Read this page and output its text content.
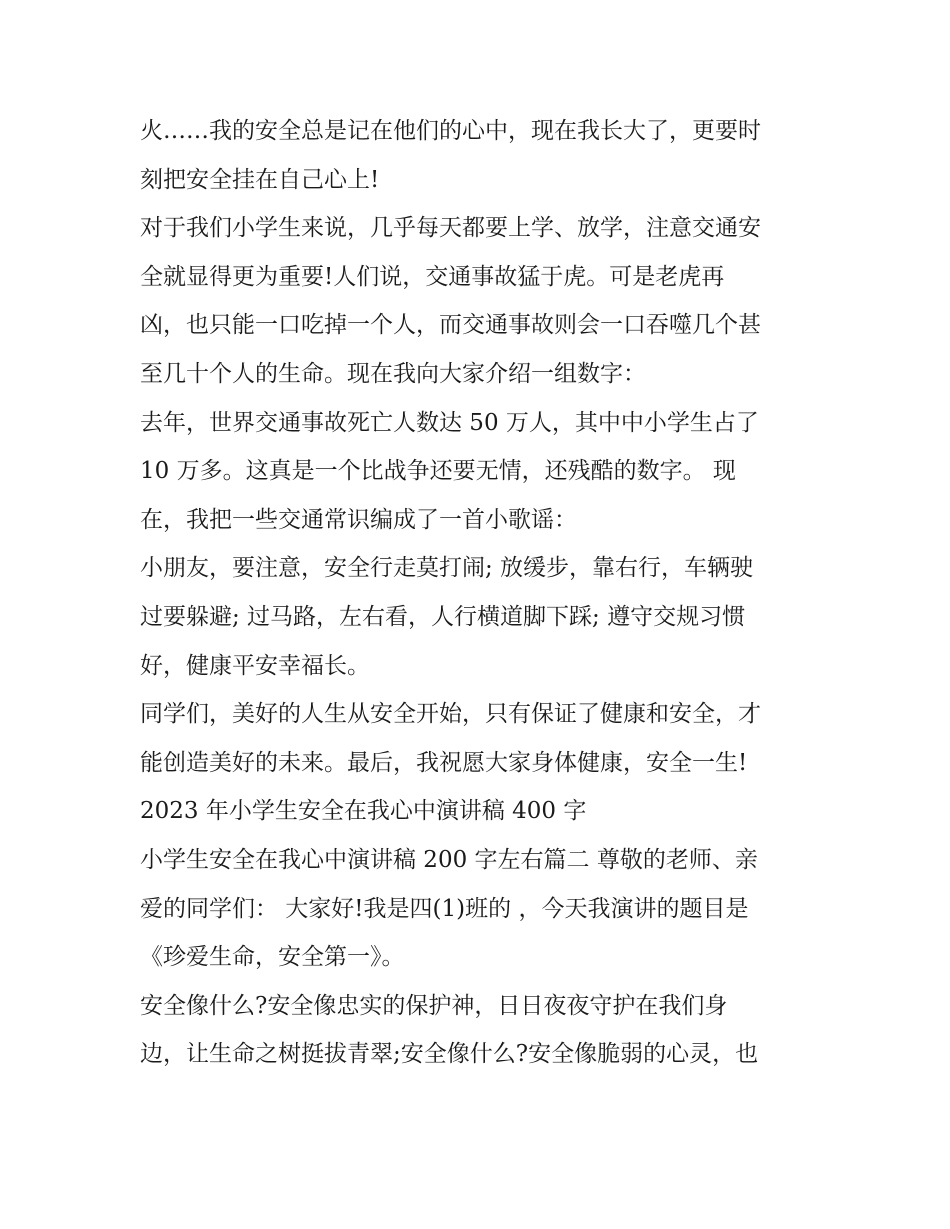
火……我的安全总是记在他们的心中，现在我长大了，更要时
刻把安全挂在自己心上!
对于我们小学生来说，几乎每天都要上学、放学，注意交通安
全就显得更为重要!人们说，交通事故猛于虎。可是老虎再
凶，也只能一口吃掉一个人，而交通事故则会一口吞噬几个甚
至几十个人的生命。现在我向大家介绍一组数字：
去年，世界交通事故死亡人数达 50 万人，其中中小学生占了
10 万多。这真是一个比战争还要无情，还残酷的数字。 现
在，我把一些交通常识编成了一首小歌谣：
小朋友，要注意，安全行走莫打闹; 放缓步，靠右行，车辆驶
过要躲避; 过马路，左右看，人行横道脚下踩; 遵守交规习惯
好，健康平安幸福长。
同学们，美好的人生从安全开始，只有保证了健康和安全，才
能创造美好的未来。最后，我祝愿大家身体健康，安全一生!
2023 年小学生安全在我心中演讲稿 400 字
小学生安全在我心中演讲稿 200 字左右篇二 尊敬的老师、亲
爱的同学们： 大家好!我是四(1)班的 ，今天我演讲的题目是
《珍爱生命，安全第一》。
安全像什么?安全像忠实的保护神，日日夜夜守护在我们身
边，让生命之树挺拔青翠;安全像什么?安全像脆弱的心灵，也
